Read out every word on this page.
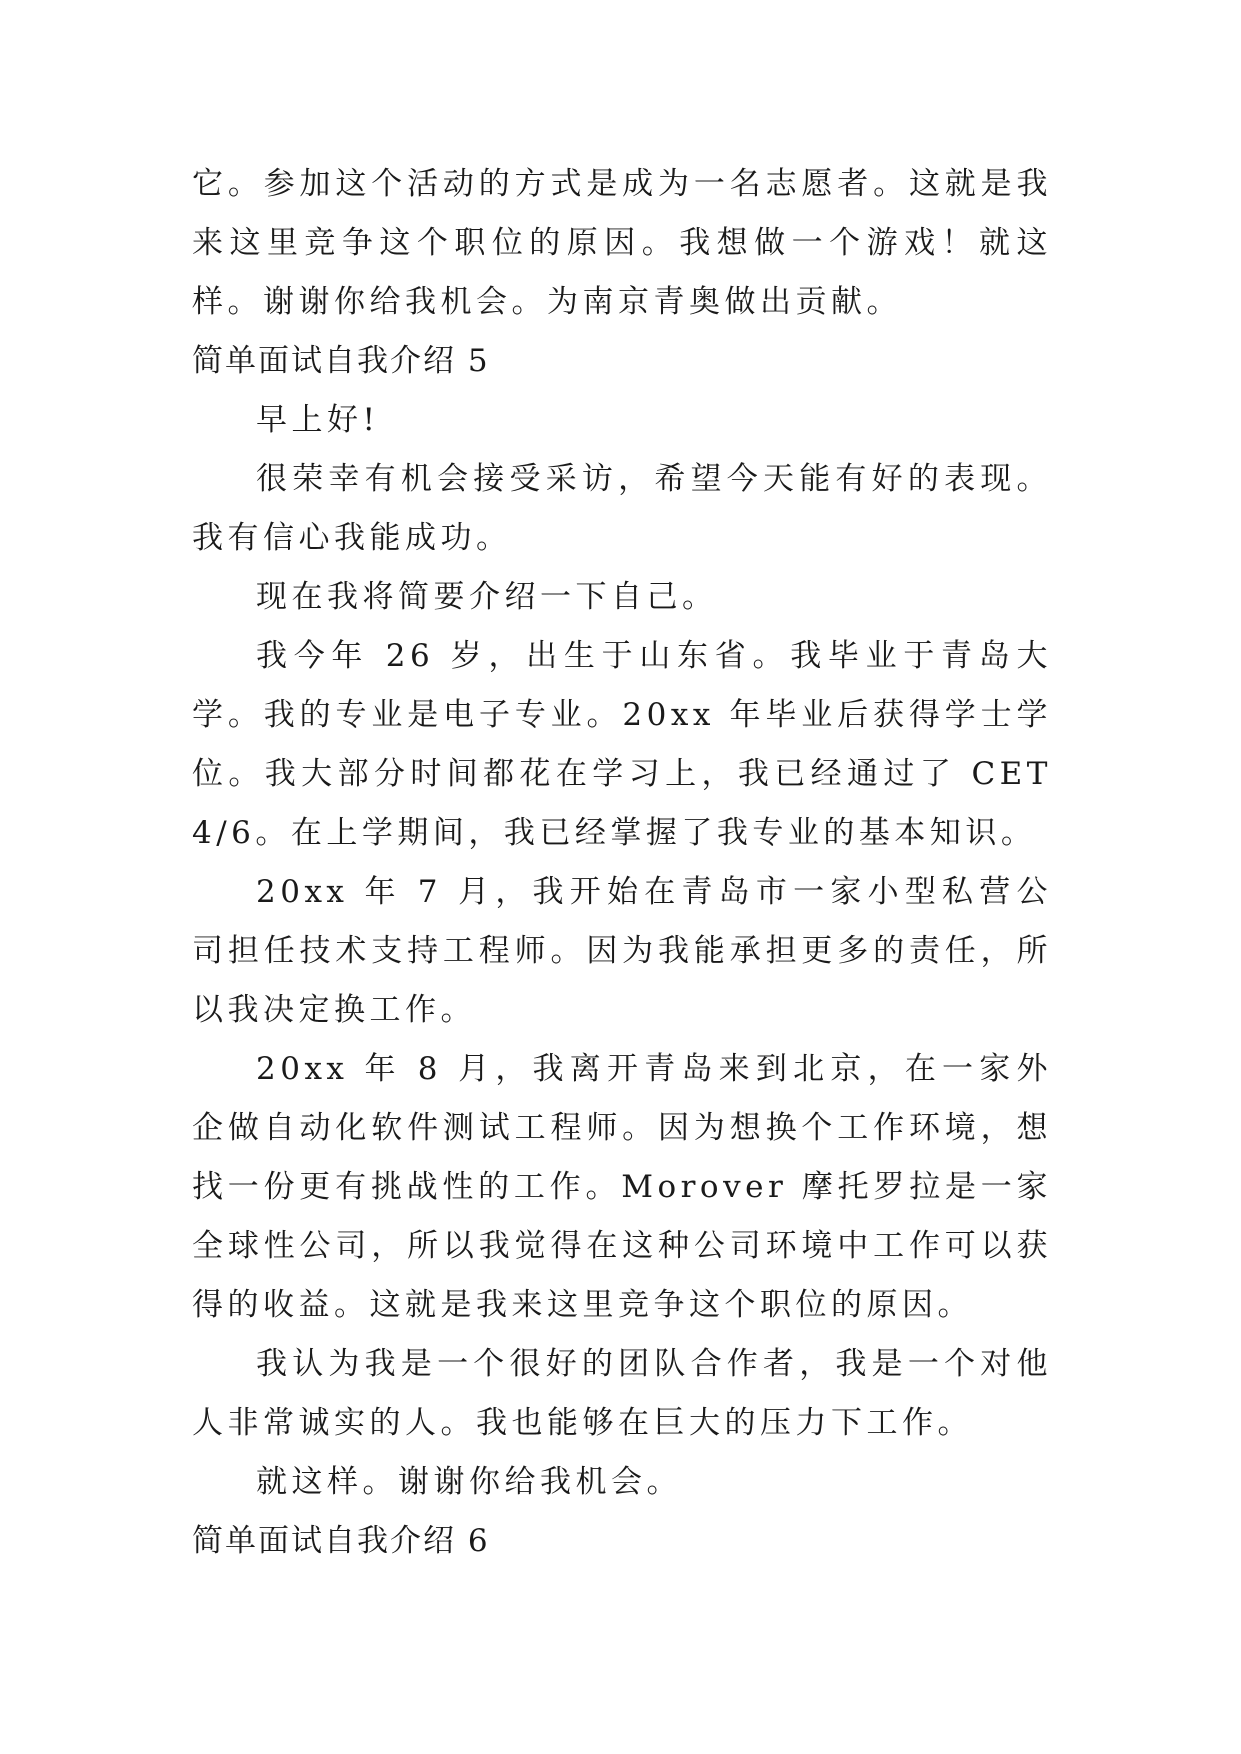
它。参加这个活动的方式是成为一名志愿者。这就是我来这里竞争这个职位的原因。我想做一个游戏！就这样。谢谢你给我机会。为南京青奥做出贡献。

简单面试自我介绍 5

早上好!

很荣幸有机会接受采访，希望今天能有好的表现。我有信心我能成功。

现在我将简要介绍一下自己。

我今年 26 岁，出生于山东省。我毕业于青岛大学。我的专业是电子专业。20xx 年毕业后获得学士学位。我大部分时间都花在学习上，我已经通过了 CET4/6。在上学期间，我已经掌握了我专业的基本知识。

20xx 年 7 月，我开始在青岛市一家小型私营公司担任技术支持工程师。因为我能承担更多的责任，所以我决定换工作。

20xx 年 8 月，我离开青岛来到北京，在一家外企做自动化软件测试工程师。因为想换个工作环境，想找一份更有挑战性的工作。Morover 摩托罗拉是一家全球性公司，所以我觉得在这种公司环境中工作可以获得的收益。这就是我来这里竞争这个职位的原因。

我认为我是一个很好的团队合作者，我是一个对他人非常诚实的人。我也能够在巨大的压力下工作。

就这样。谢谢你给我机会。

简单面试自我介绍 6
